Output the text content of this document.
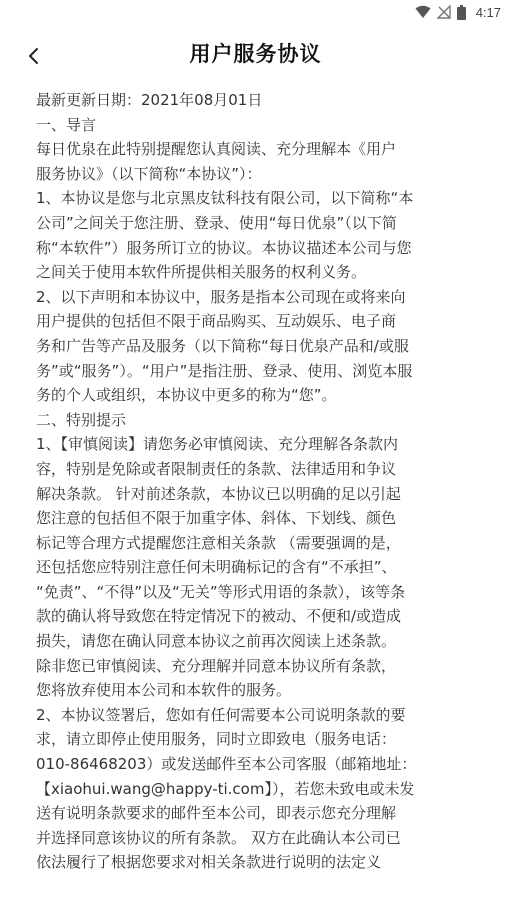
4:17
用户服务协议
最新更新日期：2021年08月01日
一、导言
每日优泉在此特别提醒您认真阅读、充分理解本《用户
服务协议》（以下简称“本协议”）：
1、本协议是您与北京黑皮钛科技有限公司，以下简称“本
公司”之间关于您注册、登录、使用“每日优泉”（以下简
称“本软件”）服务所订立的协议。本协议描述本公司与您
之间关于使用本软件所提供相关服务的权利义务。
2、以下声明和本协议中，服务是指本公司现在或将来向
用户提供的包括但不限于商品购买、互动娱乐、电子商
务和广告等产品及服务（以下简称“每日优泉产品和/或服
务”或“服务”）。“用户”是指注册、登录、使用、浏览本服
务的个人或组织，本协议中更多的称为“您”。
二、特别提示
1、【审慎阅读】请您务必审慎阅读、充分理解各条款内
容，特别是免除或者限制责任的条款、法律适用和争议
解决条款。 针对前述条款，本协议已以明确的足以引起
您注意的包括但不限于加重字体、斜体、下划线、颜色
标记等合理方式提醒您注意相关条款 （需要强调的是，
还包括您应特别注意任何未明确标记的含有“不承担”、
“免责”、“不得”以及“无关”等形式用语的条款），该等条
款的确认将导致您在特定情况下的被动、不便和/或造成
损失，请您在确认同意本协议之前再次阅读上述条款。
除非您已审慎阅读、充分理解并同意本协议所有条款，
您将放弃使用本公司和本软件的服务。
2、本协议签署后，您如有任何需要本公司说明条款的要
求，请立即停止使用服务，同时立即致电（服务电话：
010-86468203）或发送邮件至本公司客服（邮箱地址：
【xiaohui.wang@happy-ti.com】），若您未致电或未发
送有说明条款要求的邮件至本公司，即表示您充分理解
并选择同意该协议的所有条款。 双方在此确认本公司已
依法履行了根据您要求对相关条款进行说明的法定义
